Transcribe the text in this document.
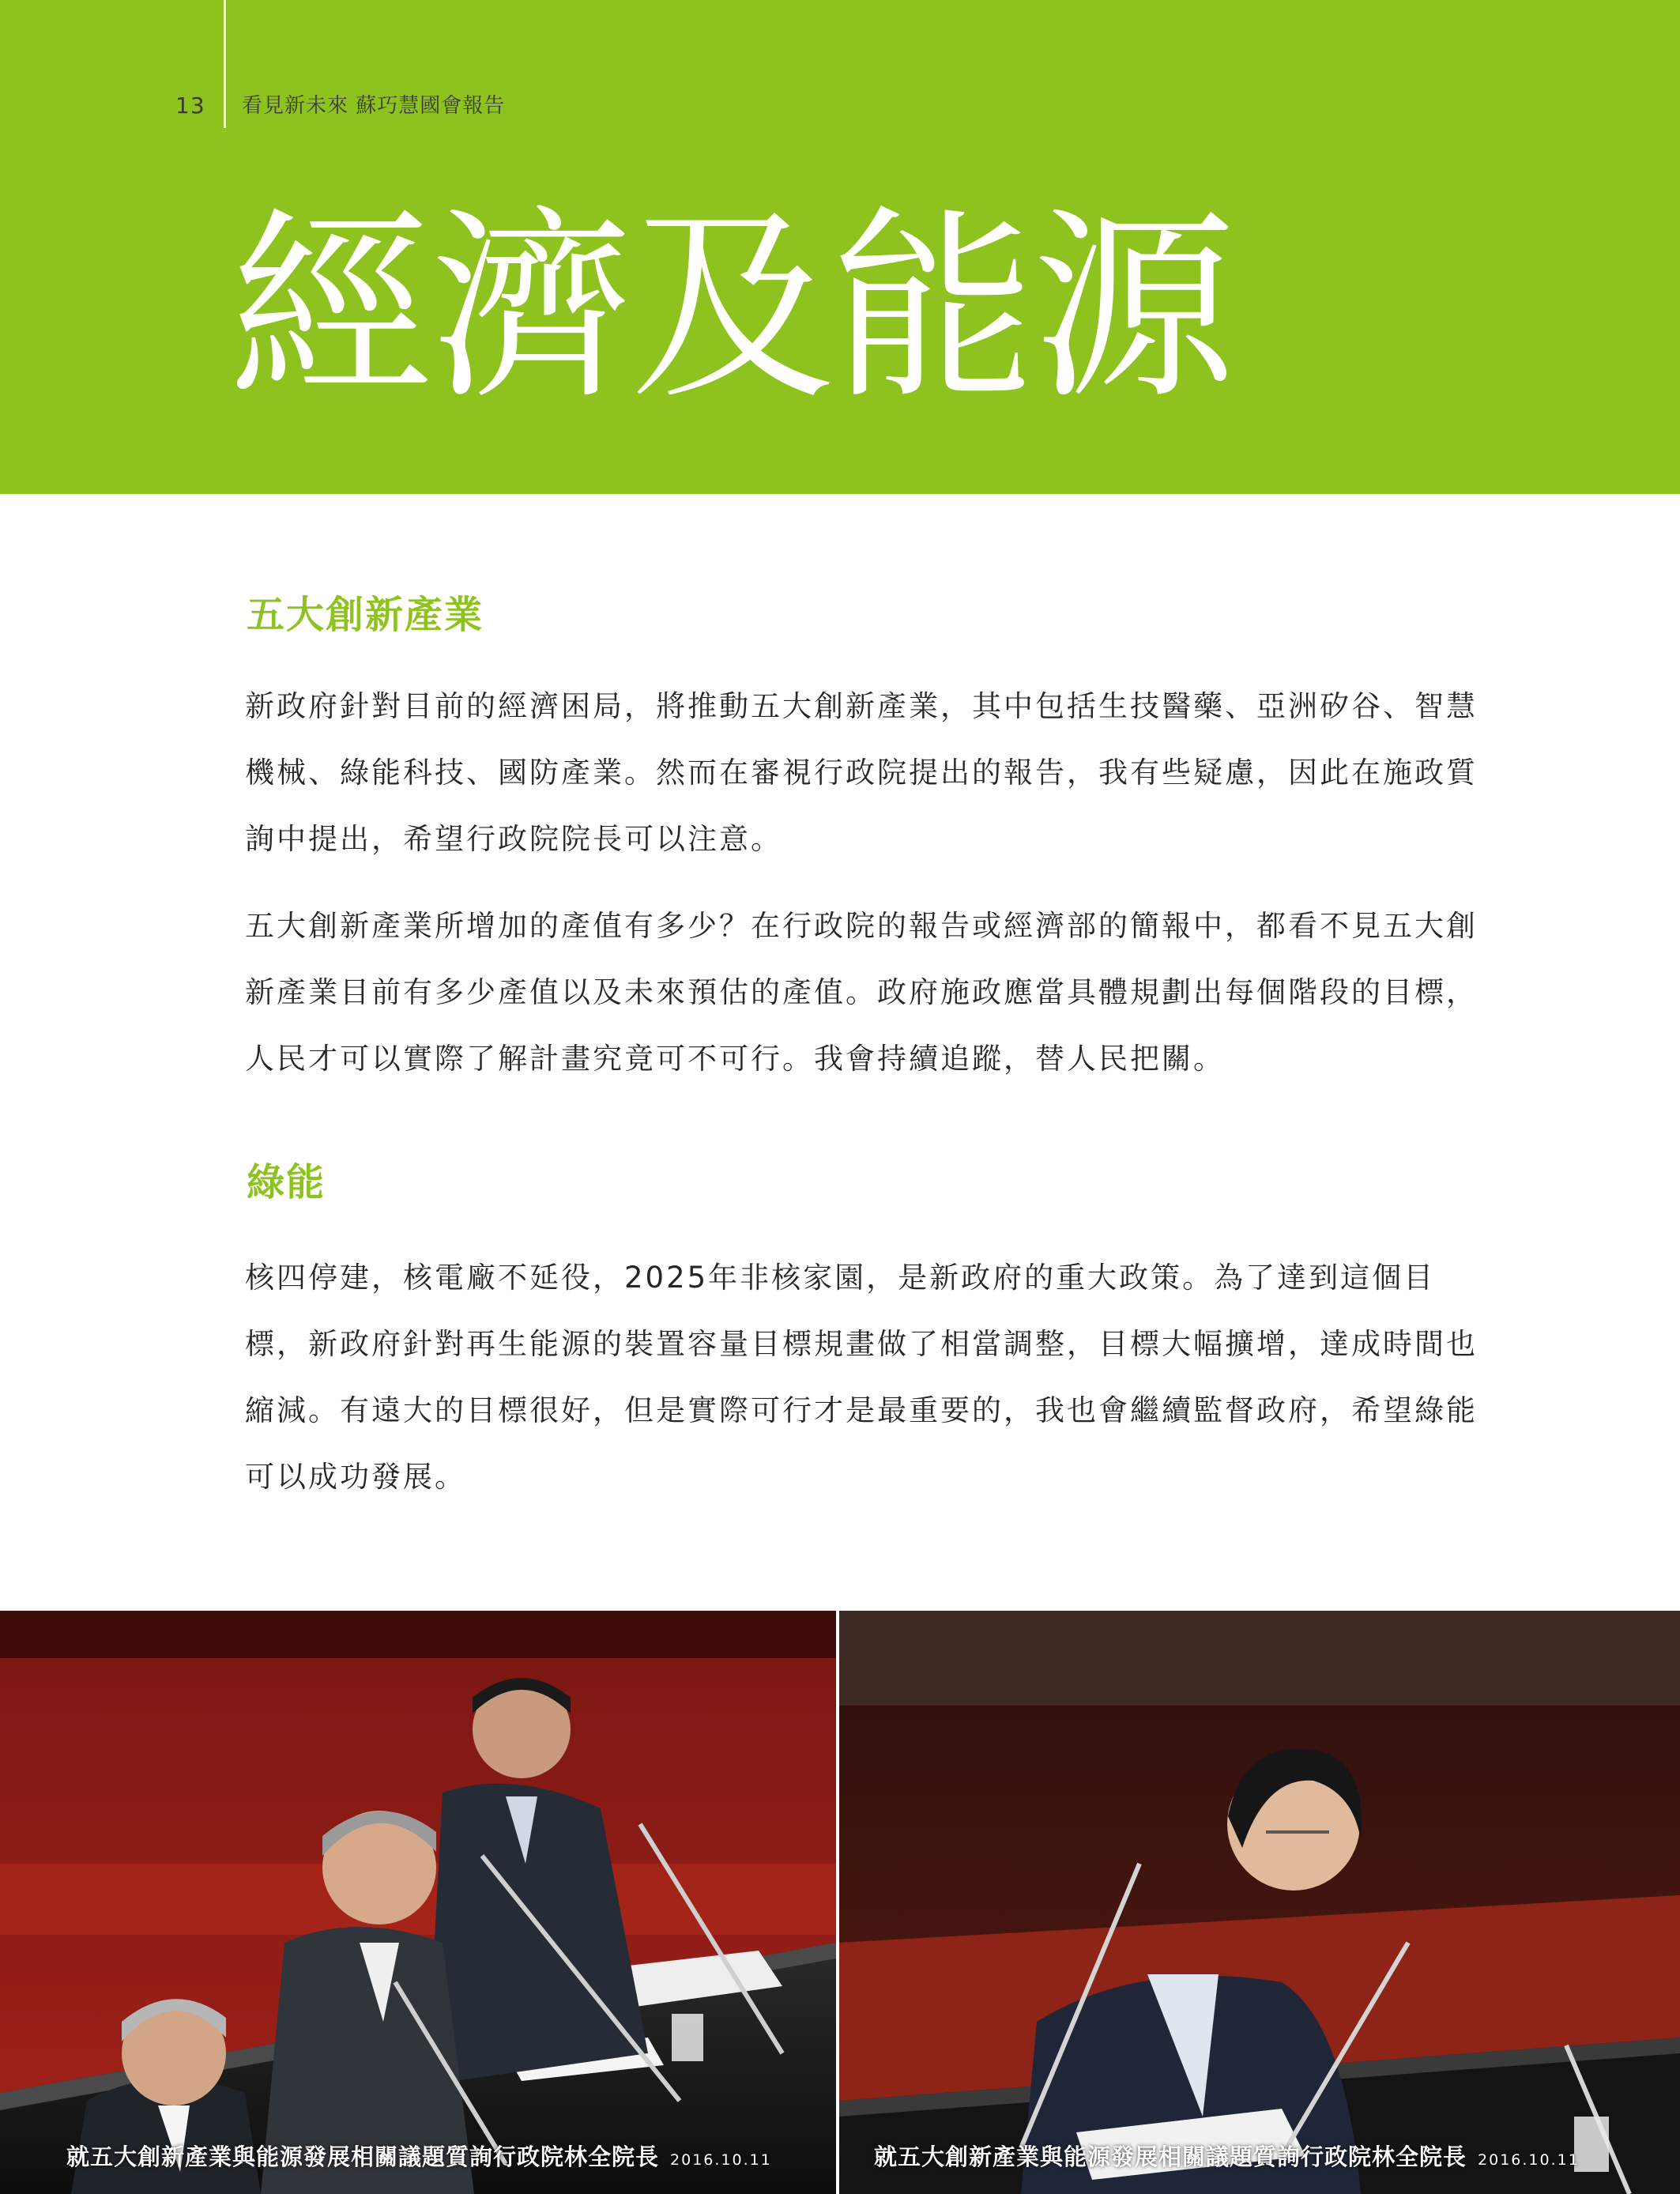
13 看見新未來 蘇巧慧國會報告
經濟及能源
五大創新產業

新政府針對目前的經濟困局，將推動五大創新產業，其中包括生技醫藥、亞洲矽谷、智慧機械、綠能科技、國防產業。然而在審視行政院提出的報告，我有些疑慮，因此在施政質詢中提出，希望行政院院長可以注意。

五大創新產業所增加的產值有多少？在行政院的報告或經濟部的簡報中，都看不見五大創新產業目前有多少產值以及未來預估的產值。政府施政應當具體規劃出每個階段的目標，人民才可以實際了解計畫究竟可不可行。我會持續追蹤，替人民把關。

綠能

核四停建，核電廠不延役，2025年非核家園，是新政府的重大政策。為了達到這個目標，新政府針對再生能源的裝置容量目標規畫做了相當調整，目標大幅擴增，達成時間也縮減。有遠大的目標很好，但是實際可行才是最重要的，我也會繼續監督政府，希望綠能可以成功發展。

就五大創新產業與能源發展相關議題質詢行政院林全院長 2016.10.11	就五大創新產業與能源發展相關議題質詢行政院林全院長 2016.10.11
